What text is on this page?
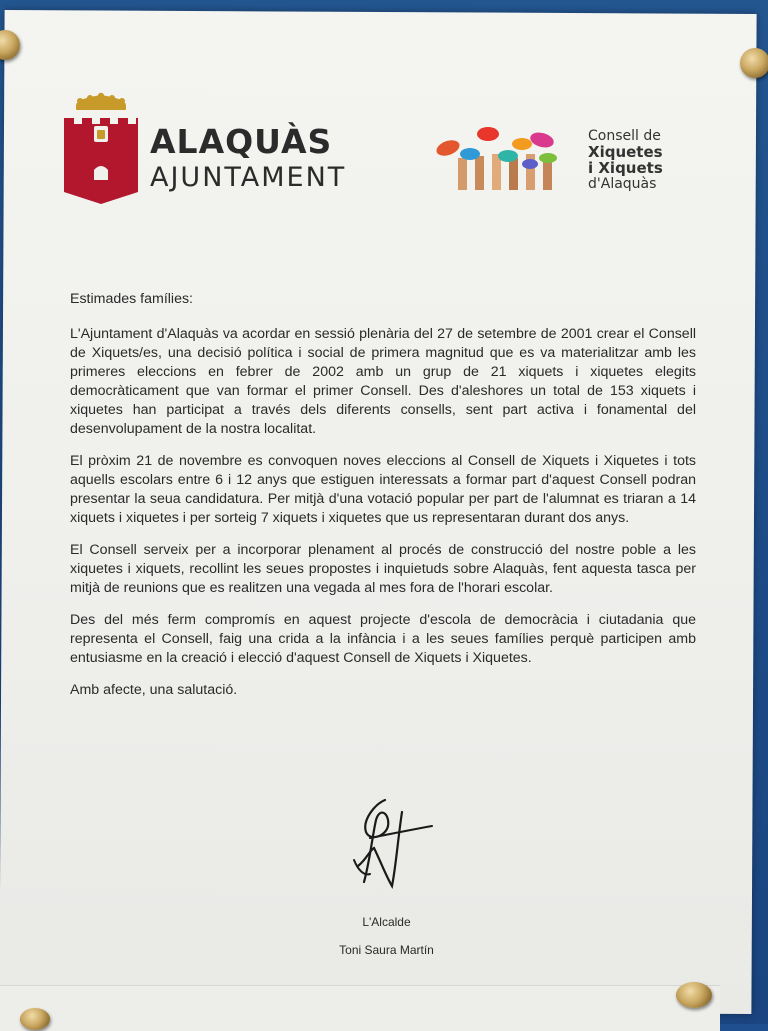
ALAQUÀS
AJUNTAMENT
Consell de
Xiquetes
i Xiquets
d'Alaquàs

Estimades famílies:

L'Ajuntament d'Alaquàs va acordar en sessió plenària del 27 de setembre de 2001 crear el Consell de Xiquets/es, una decisió política i social de primera magnitud que es va materialitzar amb les primeres eleccions en febrer de 2002 amb un grup de 21 xiquets i xiquetes elegits democràticament que van formar el primer Consell. Des d'aleshores un total de 153 xiquets i xiquetes han participat a través dels diferents consells, sent part activa i fonamental del desenvolupament de la nostra localitat.

El pròxim 21 de novembre es convoquen noves eleccions al Consell de Xiquets i Xiquetes i tots aquells escolars entre 6 i 12 anys que estiguen interessats a formar part d'aquest Consell podran presentar la seua candidatura. Per mitjà d'una votació popular per part de l'alumnat es triaran a 14 xiquets i xiquetes i per sorteig 7 xiquets i xiquetes que us representaran durant dos anys.

El Consell serveix per a incorporar plenament al procés de construcció del nostre poble a les xiquetes i xiquets, recollint les seues propostes i inquietuds sobre Alaquàs, fent aquesta tasca per mitjà de reunions que es realitzen una vegada al mes fora de l'horari escolar.

Des del més ferm compromís en aquest projecte d'escola de democràcia i ciutadania que representa el Consell, faig una crida a la infància i a les seues famílies perquè participen amb entusiasme en la creació i elecció d'aquest Consell de Xiquets i Xiquetes.

Amb afecte, una salutació.

L'Alcalde
Toni Saura Martín
